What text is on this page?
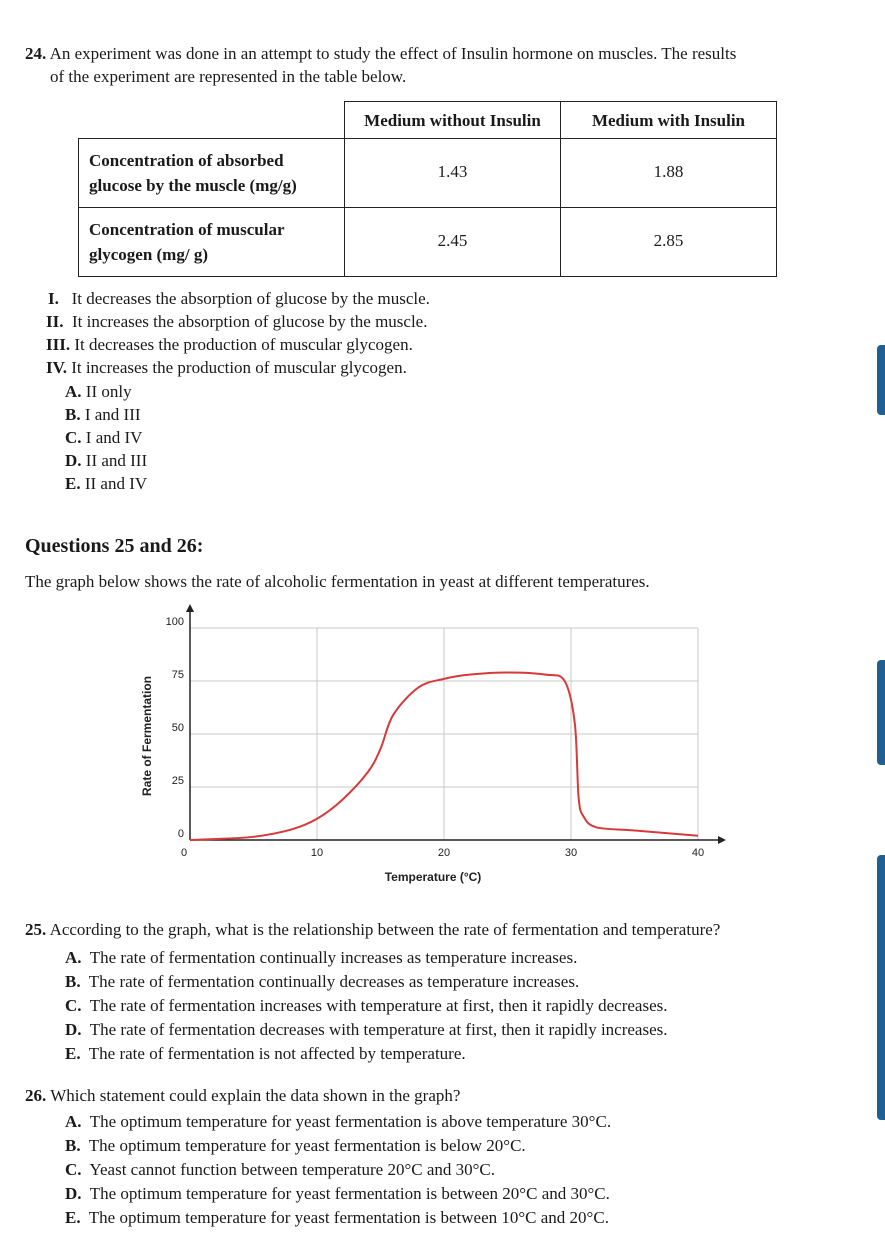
24. An experiment was done in an attempt to study the effect of Insulin hormone on muscles. The results
of the experiment are represented in the table below.
	Medium without Insulin	Medium with Insulin
Concentration of absorbed
glucose by the muscle (mg/g)	1.43	1.88
Concentration of muscular
glycogen (mg/ g)	2.45	2.85
I. It decreases the absorption of glucose by the muscle.
II. It increases the absorption of glucose by the muscle.
III. It decreases the production of muscular glycogen.
IV. It increases the production of muscular glycogen.
A. II only
B. I and III
C. I and IV
D. II and III
E. II and IV
Questions 25 and 26:
The graph below shows the rate of alcoholic fermentation in yeast at different temperatures.
0	10	20	30	40
0
25
50
75
100
Temperature (°C)
Rate of Fermentation
25. According to the graph, what is the relationship between the rate of fermentation and temperature?
A. The rate of fermentation continually increases as temperature increases.
B. The rate of fermentation continually decreases as temperature increases.
C. The rate of fermentation increases with temperature at first, then it rapidly decreases.
D. The rate of fermentation decreases with temperature at first, then it rapidly increases.
E. The rate of fermentation is not affected by temperature.
26. Which statement could explain the data shown in the graph?
A. The optimum temperature for yeast fermentation is above temperature 30°C.
B. The optimum temperature for yeast fermentation is below 20°C.
C. Yeast cannot function between temperature 20°C and 30°C.
D. The optimum temperature for yeast fermentation is between 20°C and 30°C.
E. The optimum temperature for yeast fermentation is between 10°C and 20°C.
